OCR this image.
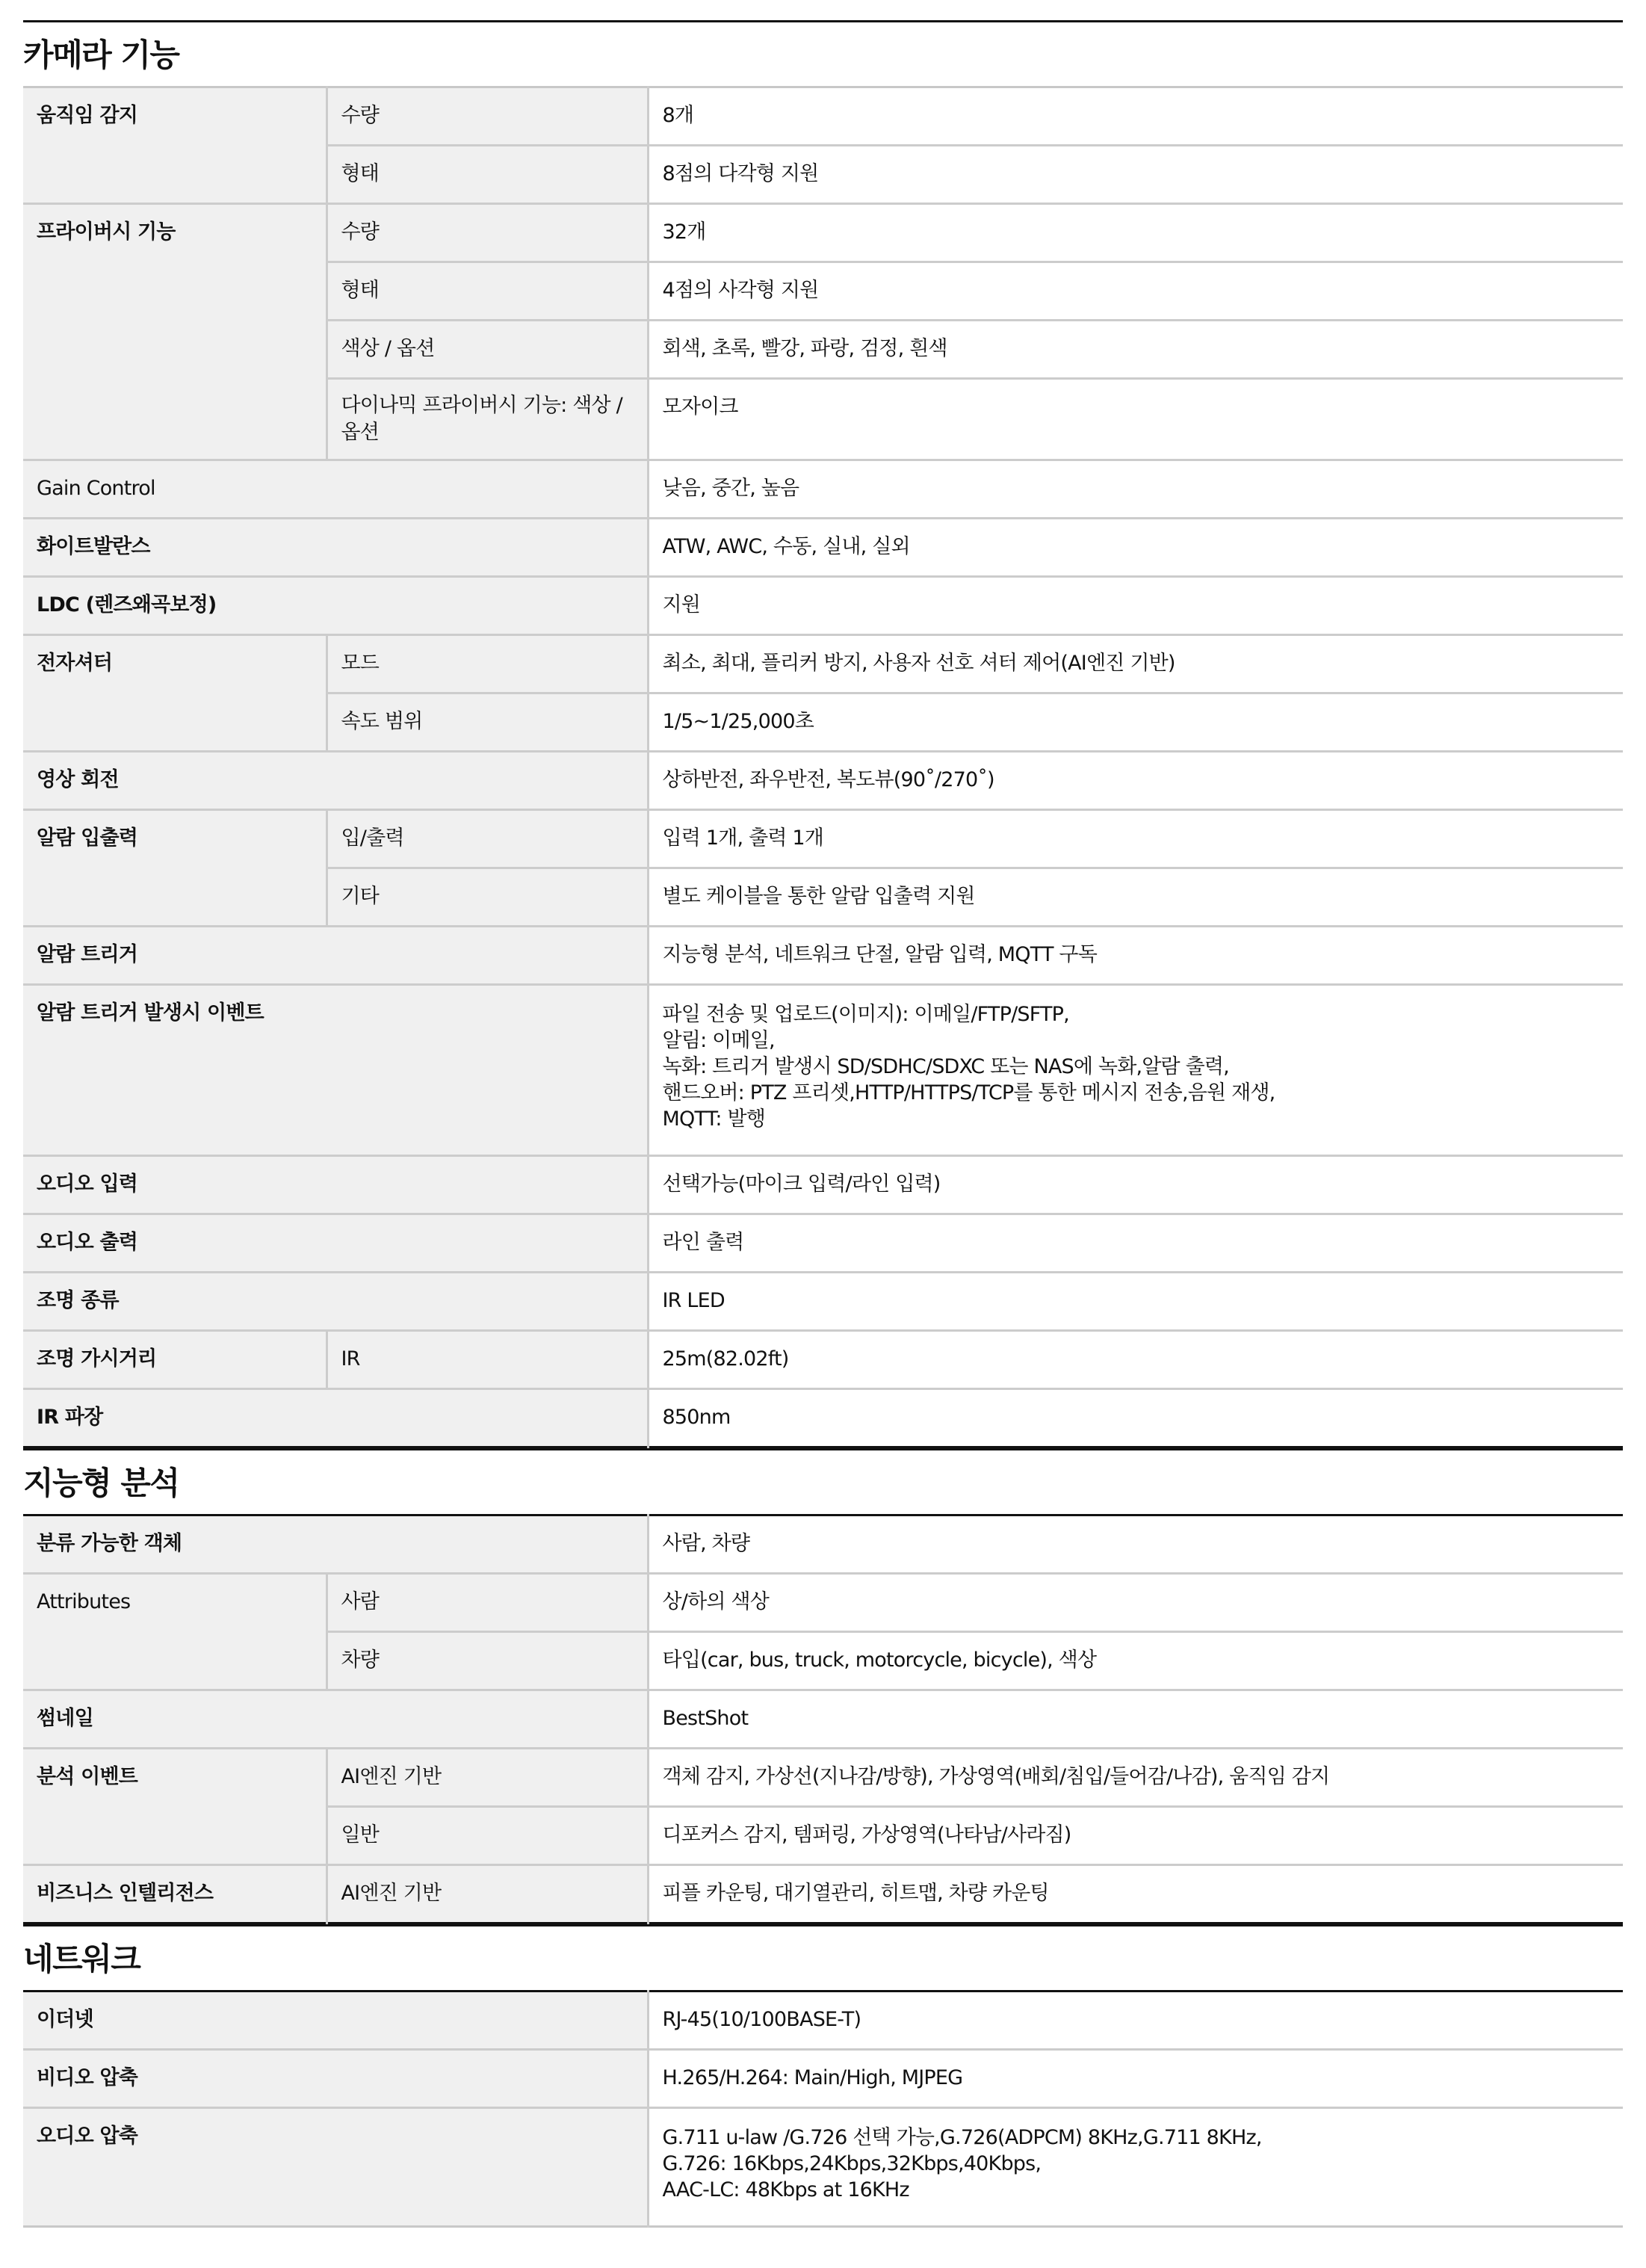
카메라 기능
움직임 감지	수량	8개

	형태	8점의 다각형 지원

프라이버시 기능	수량	32개

	형태	4점의 사각형 지원

	색상 / 옵션	회색, 초록, 빨강, 파랑, 검정, 흰색

	다이나믹 프라이버시 기능: 색상 / 옵션	모자이크

Gain Control		낮음, 중간, 높음

화이트발란스		ATW, AWC, 수동, 실내, 실외

LDC (렌즈왜곡보정)		지원

전자셔터	모드	최소, 최대, 플리커 방지, 사용자 선호 셔터 제어(AI엔진 기반)

	속도 범위	1/5~1/25,000초

영상 회전		상하반전, 좌우반전, 복도뷰(90˚/270˚)

알람 입출력	입/출력	입력 1개, 출력 1개

	기타	별도 케이블을 통한 알람 입출력 지원

알람 트리거		지능형 분석, 네트워크 단절, 알람 입력, MQTT 구독

알람 트리거 발생시 이벤트		파일 전송 및 업로드(이미지): 이메일/FTP/SFTP,
알림: 이메일,
녹화: 트리거 발생시 SD/SDHC/SDXC 또는 NAS에 녹화,알람 출력,
핸드오버: PTZ 프리셋,HTTP/HTTPS/TCP를 통한 메시지 전송,음원 재생,
MQTT: 발행

오디오 입력		선택가능(마이크 입력/라인 입력)

오디오 출력		라인 출력

조명 종류		IR LED

조명 가시거리	IR	25m(82.02ft)

IR 파장		850nm
지능형 분석
분류 가능한 객체		사람, 차량

Attributes	사람	상/하의 색상

	차량	타입(car, bus, truck, motorcycle, bicycle), 색상

썸네일		BestShot

분석 이벤트	AI엔진 기반	객체 감지, 가상선(지나감/방향), 가상영역(배회/침입/들어감/나감), 움직임 감지

	일반	디포커스 감지, 템퍼링, 가상영역(나타남/사라짐)

비즈니스 인텔리전스	AI엔진 기반	피플 카운팅, 대기열관리, 히트맵, 차량 카운팅
네트워크
이더넷	RJ-45(10/100BASE-T)

비디오 압축	H.265/H.264: Main/High, MJPEG

오디오 압축	G.711 u-law /G.726 선택 가능,G.726(ADPCM) 8KHz,G.711 8KHz,
G.726: 16Kbps,24Kbps,32Kbps,40Kbps,
AAC-LC: 48Kbps at 16KHz
